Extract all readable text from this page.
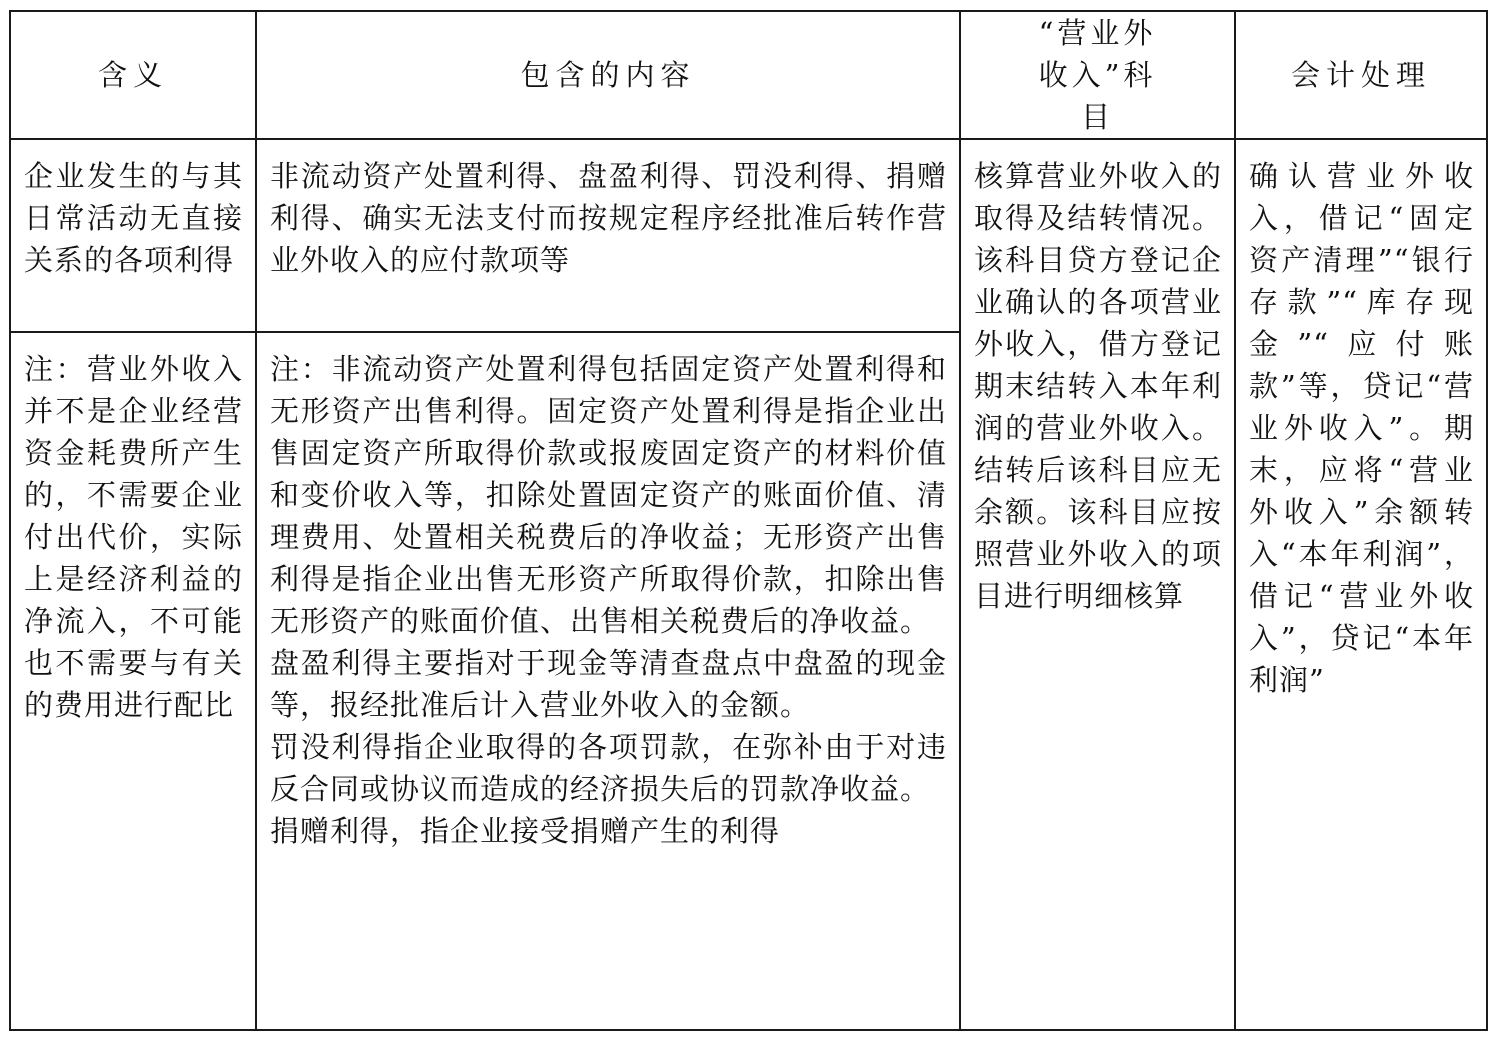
含义	包含的内容	“营业外收入”科目	会计处理

企业发生的与其日常活动无直接关系的各项利得	非流动资产处置利得、盘盈利得、罚没利得、捐赠利得、确实无法支付而按规定程序经批准后转作营业外收入的应付款项等	核算营业外收入的取得及结转情况。该科目贷方登记企业确认的各项营业外收入，借方登记期末结转入本年利润的营业外收入。结转后该科目应无余额。该科目应按照营业外收入的项目进行明细核算	确认营业外收入，借记“固定资产清理”“银行存款”“库存现金”“应付账款”等，贷记“营业外收入”。期末，应将“营业外收入”余额转入“本年利润”，借记“营业外收入”，贷记“本年利润”

注：营业外收入并不是企业经营资金耗费所产生的，不需要企业付出代价，实际上是经济利益的净流入，不可能也不需要与有关的费用进行配比	注：非流动资产处置利得包括固定资产处置利得和无形资产出售利得。固定资产处置利得是指企业出售固定资产所取得价款或报废固定资产的材料价值和变价收入等，扣除处置固定资产的账面价值、清理费用、处置相关税费后的净收益；无形资产出售利得是指企业出售无形资产所取得价款，扣除出售无形资产的账面价值、出售相关税费后的净收益。
盘盈利得主要指对于现金等清查盘点中盘盈的现金等，报经批准后计入营业外收入的金额。
罚没利得指企业取得的各项罚款，在弥补由于对违反合同或协议而造成的经济损失后的罚款净收益。
捐赠利得，指企业接受捐赠产生的利得		
